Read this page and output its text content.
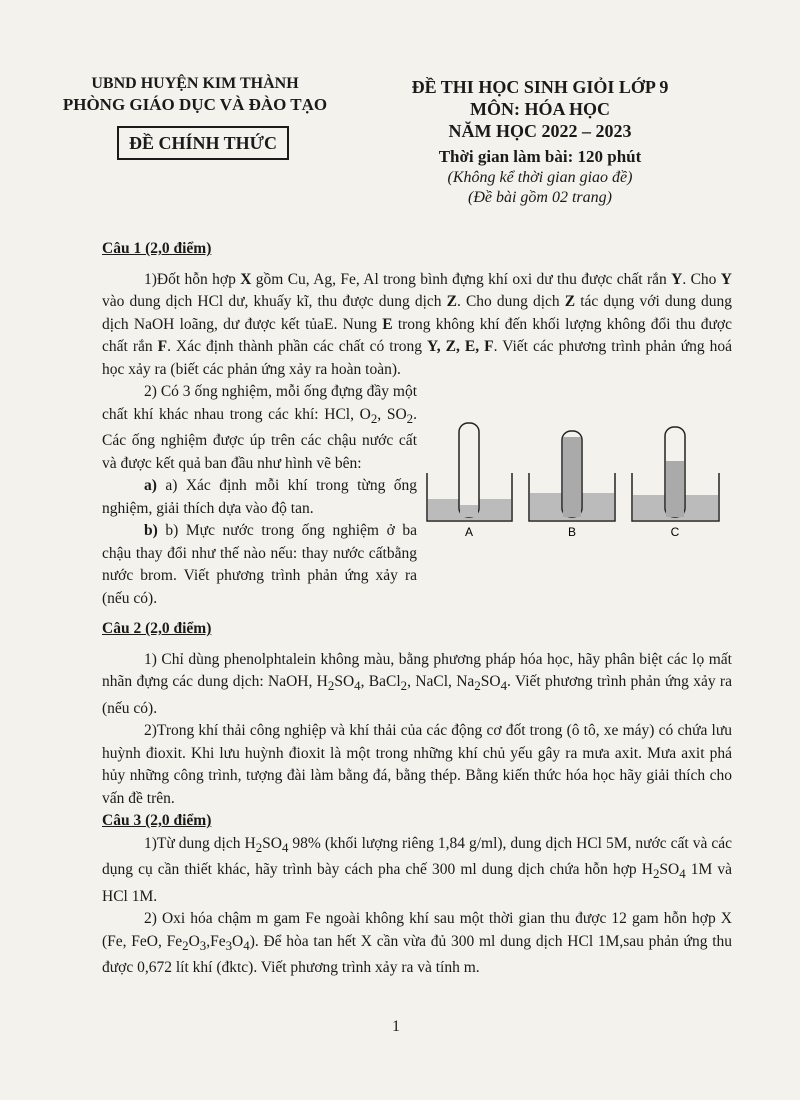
UBND HUYỆN KIM THÀNH
PHÒNG GIÁO DỤC VÀ ĐÀO TẠO
ĐỀ CHÍNH THỨC
ĐỀ THI HỌC SINH GIỎI LỚP 9
MÔN: HÓA HỌC
NĂM HỌC 2022 – 2023
Thời gian làm bài: 120 phút
(Không kể thời gian giao đề)
(Đề bài gồm 02 trang)

Câu 1 (2,0 điểm)

1)Đốt hỗn hợp X gồm Cu, Ag, Fe, Al trong bình đựng khí oxi dư thu được chất rắn Y. Cho Y vào dung dịch HCl dư, khuấy kĩ, thu được dung dịch Z. Cho dung dịch Z tác dụng với dung dung dịch NaOH loãng, dư được kết tủaE. Nung E trong không khí đến khối lượng không đổi thu được chất rắn F. Xác định thành phần các chất có trong Y, Z, E, F. Viết các phương trình phản ứng hoá học xảy ra (biết các phản ứng xảy ra hoàn toàn).

2) Có 3 ống nghiệm, mỗi ống đựng đầy một chất khí khác nhau trong các khí: HCl, $O_2$, $SO_2$. Các ống nghiệm được úp trên các chậu nước cất và được kết quả ban đầu như hình vẽ bên:

a) a) Xác định mỗi khí trong từng ống nghiệm, giải thích dựa vào độ tan.

b) b) Mực nước trong ống nghiệm ở ba chậu thay đổi như thế nào nếu: thay nước cấtbằng nước brom. Viết phương trình phản ứng xảy ra (nếu có).

A	B	C

Câu 2 (2,0 điểm)

1) Chỉ dùng phenolphtalein không màu, bằng phương pháp hóa học, hãy phân biệt các lọ mất nhãn đựng các dung dịch: NaOH, $H_2SO_4$, BaCl$_2$, NaCl, $Na_2SO_4$. Viết phương trình phản ứng xảy ra (nếu có).

2)Trong khí thải công nghiệp và khí thải của các động cơ đốt trong (ô tô, xe máy) có chứa lưu huỳnh đioxit. Khi lưu huỳnh đioxit là một trong những khí chủ yếu gây ra mưa axit. Mưa axit phá hủy những công trình, tượng đài làm bằng đá, bằng thép. Bằng kiến thức hóa học hãy giải thích cho vấn đề trên.

Câu 3 (2,0 điểm)

1)Từ dung dịch $H_2SO_4$ 98% (khối lượng riêng 1,84 g/ml), dung dịch HCl 5M, nước cất và các dụng cụ cần thiết khác, hãy trình bày cách pha chế 300 ml dung dịch chứa hỗn hợp $H_2SO_4$ 1M và HCl 1M.

2) Oxi hóa chậm m gam Fe ngoài không khí sau một thời gian thu được 12 gam hỗn hợp X (Fe, FeO, $Fe_2O_3,Fe_3O_4$). Để hòa tan hết X cần vừa đủ 300 ml dung dịch HCl 1M,sau phản ứng thu được 0,672 lít khí (đktc). Viết phương trình xảy ra và tính m.

1
